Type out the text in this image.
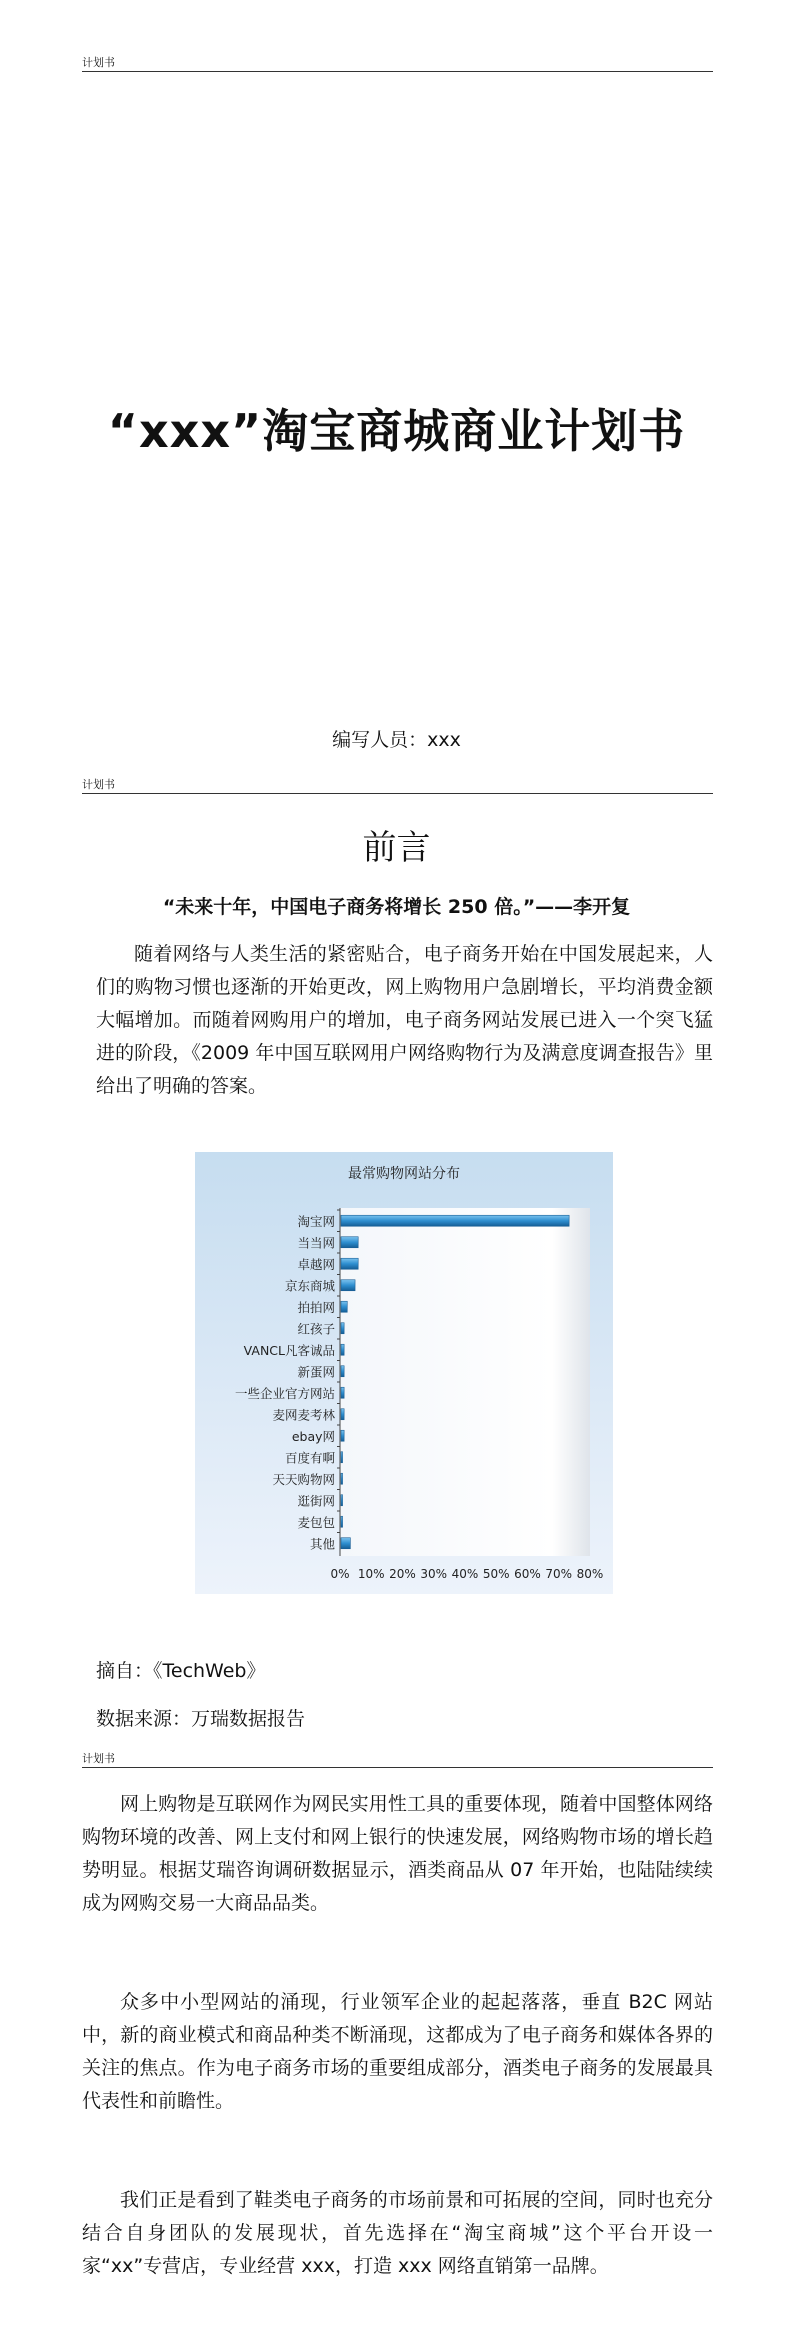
计划书
“xxx”淘宝商城商业计划书
编写人员：xxx
计划书
前言
“未来十年，中国电子商务将增长 250 倍。”——李开复
随着网络与人类生活的紧密贴合，电子商务开始在中国发展起来，人们的购物习惯也逐渐的开始更改，网上购物用户急剧增长，平均消费金额大幅增加。而随着网购用户的增加，电子商务网站发展已进入一个突飞猛进的阶段，《2009 年中国互联网用户网络购物行为及满意度调查报告》里给出了明确的答案。
最常购物网站分布
淘宝网
当当网
卓越网
京东商城
拍拍网
红孩子
VANCL凡客诚品
新蛋网
一些企业官方网站
麦网麦考林
ebay网
百度有啊
天天购物网
逛街网
麦包包
其他
0% 10% 20% 30% 40% 50% 60% 70% 80%
摘自：《TechWeb》
数据来源：万瑞数据报告
计划书
网上购物是互联网作为网民实用性工具的重要体现，随着中国整体网络购物环境的改善、网上支付和网上银行的快速发展，网络购物市场的增长趋势明显。根据艾瑞咨询调研数据显示，酒类商品从 07 年开始，也陆陆续续成为网购交易一大商品品类。
众多中小型网站的涌现，行业领军企业的起起落落，垂直 B2C 网站中，新的商业模式和商品种类不断涌现，这都成为了电子商务和媒体各界的关注的焦点。作为电子商务市场的重要组成部分，酒类电子商务的发展最具代表性和前瞻性。
我们正是看到了鞋类电子商务的市场前景和可拓展的空间，同时也充分结合自身团队的发展现状，首先选择在“淘宝商城”这个平台开设一家“xx”专营店，专业经营 xxx，打造 xxx 网络直销第一品牌。
